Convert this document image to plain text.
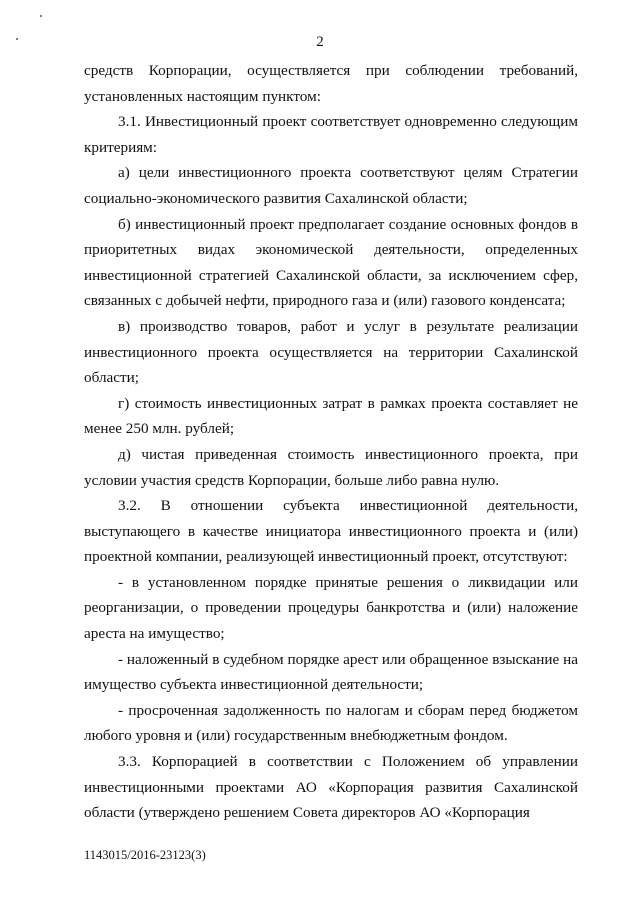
2

средств Корпорации, осуществляется при соблюдении требований, установленных настоящим пунктом:

3.1. Инвестиционный проект соответствует одновременно следующим критериям:

а) цели инвестиционного проекта соответствуют целям Стратегии социально-экономического развития Сахалинской области;

б) инвестиционный проект предполагает создание основных фондов в приоритетных видах экономической деятельности, определенных инвестиционной стратегией Сахалинской области, за исключением сфер, связанных с добычей нефти, природного газа и (или) газового конденсата;

в) производство товаров, работ и услуг в результате реализации инвестиционного проекта осуществляется на территории Сахалинской области;

г) стоимость инвестиционных затрат в рамках проекта составляет не менее 250 млн. рублей;

д) чистая приведенная стоимость инвестиционного проекта, при условии участия средств Корпорации, больше либо равна нулю.

3.2. В отношении субъекта инвестиционной деятельности, выступающего в качестве инициатора инвестиционного проекта и (или) проектной компании, реализующей инвестиционный проект, отсутствуют:

- в установленном порядке принятые решения о ликвидации или реорганизации, о проведении процедуры банкротства и (или) наложение ареста на имущество;

- наложенный в судебном порядке арест или обращенное взыскание на имущество субъекта инвестиционной деятельности;

- просроченная задолженность по налогам и сборам перед бюджетом любого уровня и (или) государственным внебюджетным фондом.

3.3. Корпорацией в соответствии с Положением об управлении инвестиционными проектами АО «Корпорация развития Сахалинской области (утверждено решением Совета директоров АО «Корпорация

1143015/2016-23123(3)
